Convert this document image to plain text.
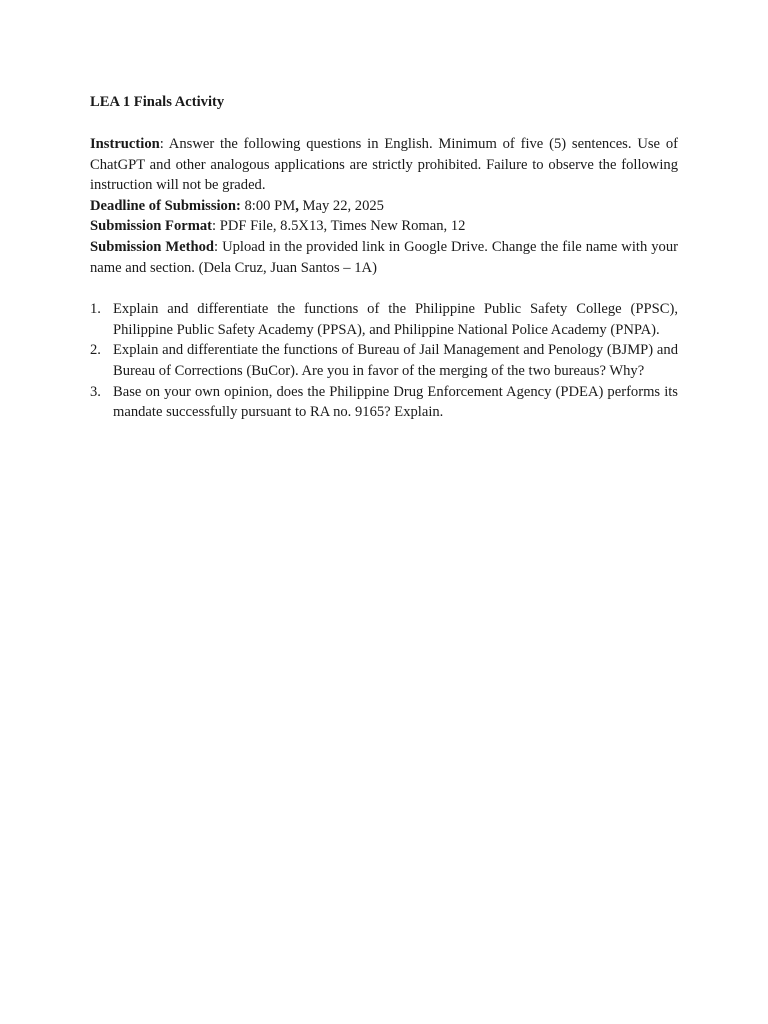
LEA 1 Finals Activity

Instruction: Answer the following questions in English. Minimum of five (5) sentences. Use of ChatGPT and other analogous applications are strictly prohibited. Failure to observe the following instruction will not be graded.

Deadline of Submission: 8:00 PM, May 22, 2025

Submission Format: PDF File, 8.5X13, Times New Roman, 12

Submission Method: Upload in the provided link in Google Drive. Change the file name with your name and section. (Dela Cruz, Juan Santos – 1A)

1. Explain and differentiate the functions of the Philippine Public Safety College (PPSC), Philippine Public Safety Academy (PPSA), and Philippine National Police Academy (PNPA).
2. Explain and differentiate the functions of Bureau of Jail Management and Penology (BJMP) and Bureau of Corrections (BuCor). Are you in favor of the merging of the two bureaus? Why?
3. Base on your own opinion, does the Philippine Drug Enforcement Agency (PDEA) performs its mandate successfully pursuant to RA no. 9165? Explain.
